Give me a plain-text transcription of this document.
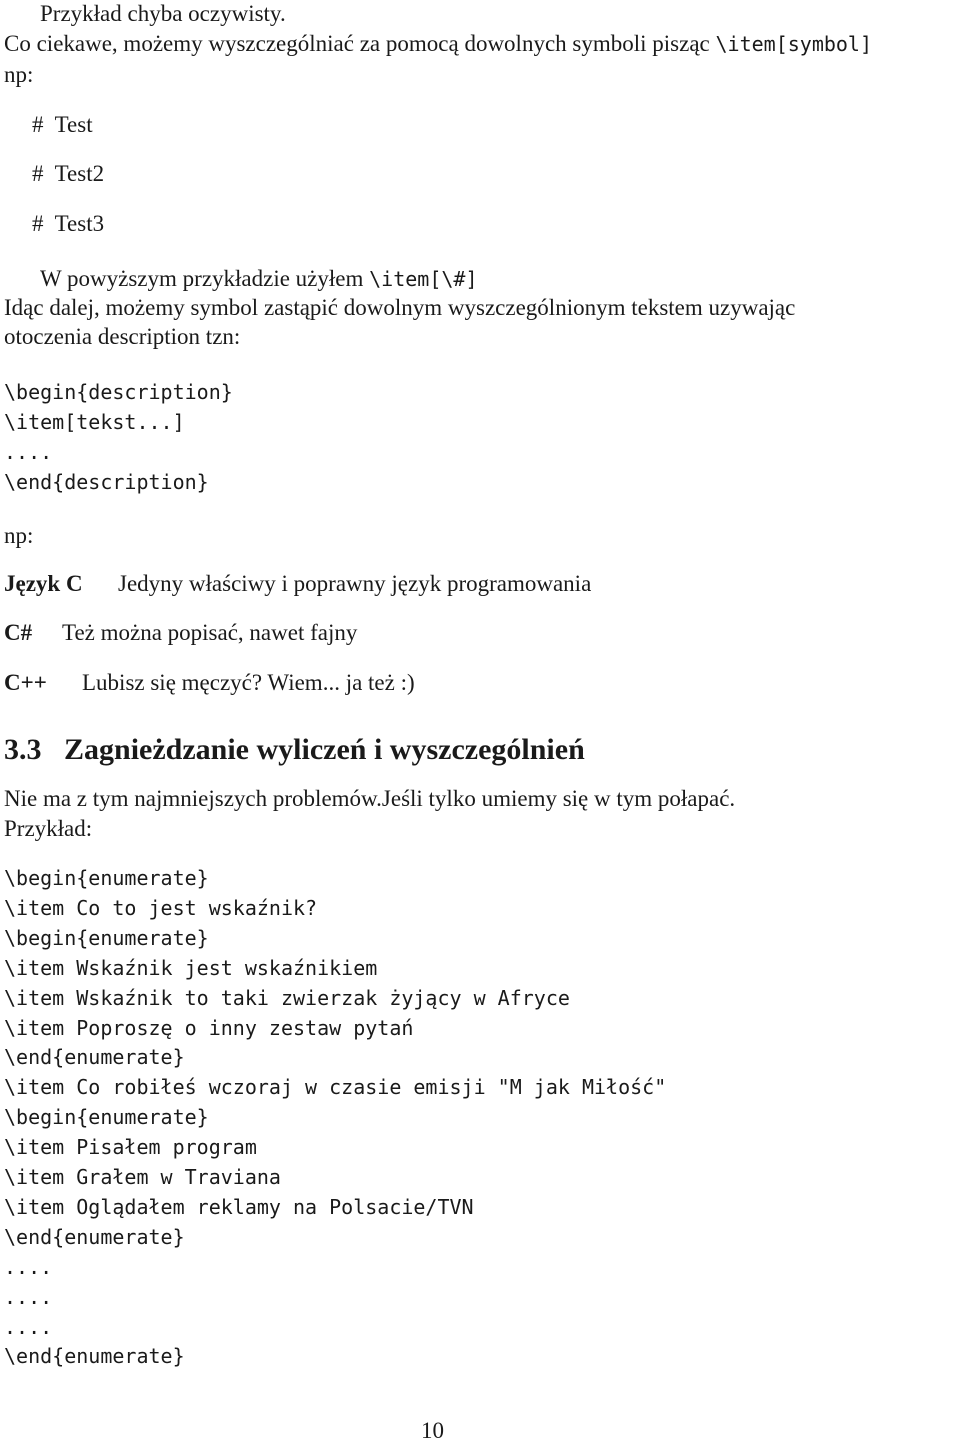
Przykład chyba oczywisty.
Co ciekawe, możemy wyszczególniać za pomocą dowolnych symboli pisząc \item[symbol]
np:
# Test
# Test2
# Test3
W powyższym przykładzie użyłem \item[\#]
Idąc dalej, możemy symbol zastąpić dowolnym wyszczególnionym tekstem uzywając
otoczenia description tzn:
\begin{description}
\item[tekst...]
....
\end{description}
np:
Język C Jedyny właściwy i poprawny język programowania
C# Też można popisać, nawet fajny
C++ Lubisz się męczyć? Wiem... ja też :)
3.3 Zagnieżdzanie wyliczeń i wyszczególnień
Nie ma z tym najmniejszych problemów.Jeśli tylko umiemy się w tym połapać.
Przykład:
\begin{enumerate}
\item Co to jest wskaźnik?
\begin{enumerate}
\item Wskaźnik jest wskaźnikiem
\item Wskaźnik to taki zwierzak żyjący w Afryce
\item Poproszę o inny zestaw pytań
\end{enumerate}
\item Co robiłeś wczoraj w czasie emisji "M jak Miłość"
\begin{enumerate}
\item Pisałem program
\item Grałem w Traviana
\item Oglądałem reklamy na Polsacie/TVN
\end{enumerate}
....
....
....
\end{enumerate}
10
